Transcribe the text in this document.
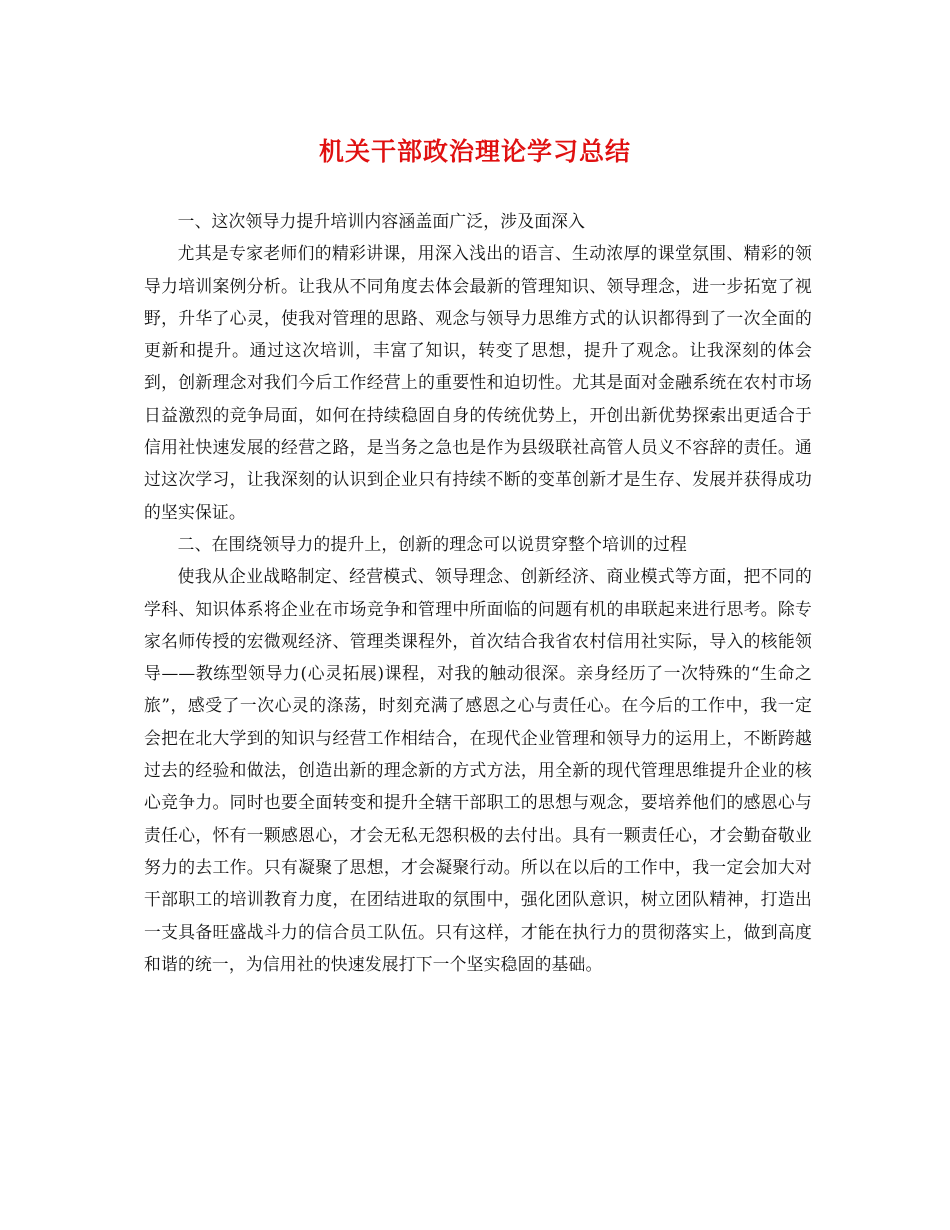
机关干部政治理论学习总结

一、这次领导力提升培训内容涵盖面广泛，涉及面深入

尤其是专家老师们的精彩讲课，用深入浅出的语言、生动浓厚的课堂氛围、精彩的领导力培训案例分析。让我从不同角度去体会最新的管理知识、领导理念，进一步拓宽了视野，升华了心灵，使我对管理的思路、观念与领导力思维方式的认识都得到了一次全面的更新和提升。通过这次培训，丰富了知识，转变了思想，提升了观念。让我深刻的体会到，创新理念对我们今后工作经营上的重要性和迫切性。尤其是面对金融系统在农村市场日益激烈的竞争局面，如何在持续稳固自身的传统优势上，开创出新优势探索出更适合于信用社快速发展的经营之路，是当务之急也是作为县级联社高管人员义不容辞的责任。通过这次学习，让我深刻的认识到企业只有持续不断的变革创新才是生存、发展并获得成功的坚实保证。

二、在围绕领导力的提升上，创新的理念可以说贯穿整个培训的过程

使我从企业战略制定、经营模式、领导理念、创新经济、商业模式等方面，把不同的学科、知识体系将企业在市场竞争和管理中所面临的问题有机的串联起来进行思考。除专家名师传授的宏微观经济、管理类课程外，首次结合我省农村信用社实际，导入的核能领导——教练型领导力(心灵拓展)课程，对我的触动很深。亲身经历了一次特殊的“生命之旅”，感受了一次心灵的涤荡，时刻充满了感恩之心与责任心。在今后的工作中，我一定会把在北大学到的知识与经营工作相结合，在现代企业管理和领导力的运用上，不断跨越过去的经验和做法，创造出新的理念新的方式方法，用全新的现代管理思维提升企业的核心竞争力。同时也要全面转变和提升全辖干部职工的思想与观念，要培养他们的感恩心与责任心，怀有一颗感恩心，才会无私无怨积极的去付出。具有一颗责任心，才会勤奋敬业努力的去工作。只有凝聚了思想，才会凝聚行动。所以在以后的工作中，我一定会加大对干部职工的培训教育力度，在团结进取的氛围中，强化团队意识，树立团队精神，打造出一支具备旺盛战斗力的信合员工队伍。只有这样，才能在执行力的贯彻落实上，做到高度和谐的统一，为信用社的快速发展打下一个坚实稳固的基础。
